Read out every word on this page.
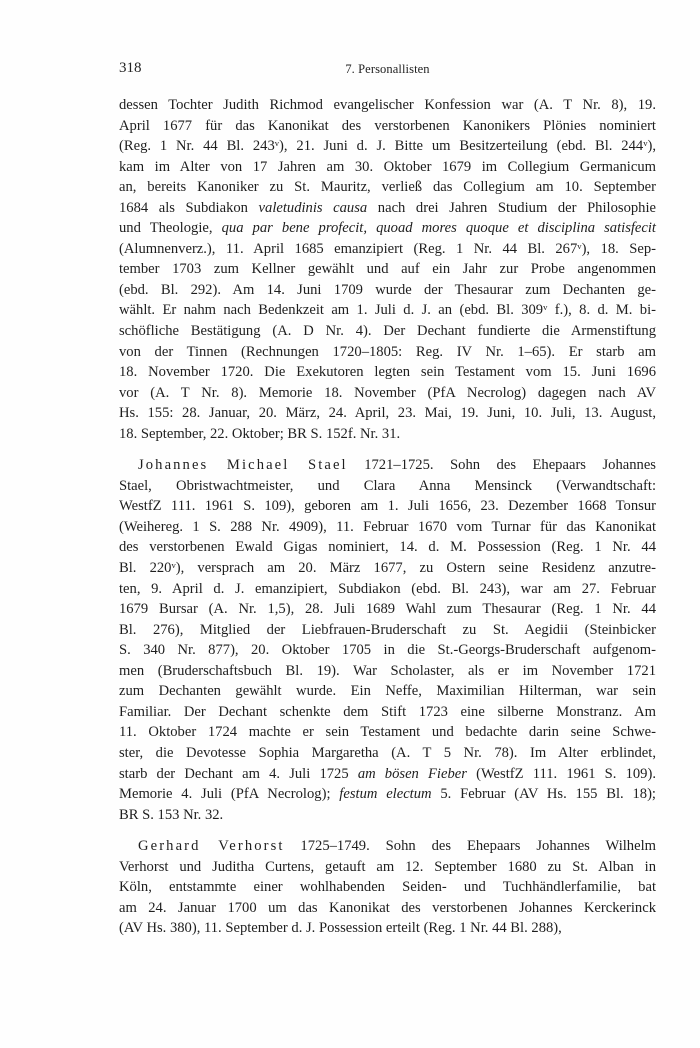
318	7. Personallisten
dessen Tochter Judith Richmod evangelischer Konfession war (A. T Nr. 8), 19.
April 1677 für das Kanonikat des verstorbenen Kanonikers Plönies nominiert
(Reg. 1 Nr. 44 Bl. 243ᵛ), 21. Juni d. J. Bitte um Besitzerteilung (ebd. Bl. 244ᵛ),
kam im Alter von 17 Jahren am 30. Oktober 1679 im Collegium Germanicum
an, bereits Kanoniker zu St. Mauritz, verließ das Collegium am 10. September
1684 als Subdiakon valetudinis causa nach drei Jahren Studium der Philosophie
und Theologie, qua par bene profecit, quoad mores quoque et disciplina satisfecit
(Alumnenverz.), 11. April 1685 emanzipiert (Reg. 1 Nr. 44 Bl. 267ᵛ), 18. Sep-
tember 1703 zum Kellner gewählt und auf ein Jahr zur Probe angenommen
(ebd. Bl. 292). Am 14. Juni 1709 wurde der Thesaurar zum Dechanten ge-
wählt. Er nahm nach Bedenkzeit am 1. Juli d. J. an (ebd. Bl. 309ᵛ f.), 8. d. M. bi-
schöfliche Bestätigung (A. D Nr. 4). Der Dechant fundierte die Armenstiftung
von der Tinnen (Rechnungen 1720–1805: Reg. IV Nr. 1–65). Er starb am
18. November 1720. Die Exekutoren legten sein Testament vom 15. Juni 1696
vor (A. T Nr. 8). Memorie 18. November (PfA Necrolog) dagegen nach AV
Hs. 155: 28. Januar, 20. März, 24. April, 23. Mai, 19. Juni, 10. Juli, 13. August,
18. September, 22. Oktober; BR S. 152f. Nr. 31.
Johannes Michael Stael 1721–1725. Sohn des Ehepaars Johannes
Stael, Obristwachtmeister, und Clara Anna Mensinck (Verwandtschaft:
WestfZ 111. 1961 S. 109), geboren am 1. Juli 1656, 23. Dezember 1668 Tonsur
(Weihereg. 1 S. 288 Nr. 4909), 11. Februar 1670 vom Turnar für das Kanonikat
des verstorbenen Ewald Gigas nominiert, 14. d. M. Possession (Reg. 1 Nr. 44
Bl. 220ᵛ), versprach am 20. März 1677, zu Ostern seine Residenz anzutre-
ten, 9. April d. J. emanzipiert, Subdiakon (ebd. Bl. 243), war am 27. Februar
1679 Bursar (A. Nr. 1,5), 28. Juli 1689 Wahl zum Thesaurar (Reg. 1 Nr. 44
Bl. 276), Mitglied der Liebfrauen-Bruderschaft zu St. Aegidii (Steinbicker
S. 340 Nr. 877), 20. Oktober 1705 in die St.-Georgs-Bruderschaft aufgenom-
men (Bruderschaftsbuch Bl. 19). War Scholaster, als er im November 1721
zum Dechanten gewählt wurde. Ein Neffe, Maximilian Hilterman, war sein
Familiar. Der Dechant schenkte dem Stift 1723 eine silberne Monstranz. Am
11. Oktober 1724 machte er sein Testament und bedachte darin seine Schwe-
ster, die Devotesse Sophia Margaretha (A. T 5 Nr. 78). Im Alter erblindet,
starb der Dechant am 4. Juli 1725 am bösen Fieber (WestfZ 111. 1961 S. 109).
Memorie 4. Juli (PfA Necrolog); festum electum 5. Februar (AV Hs. 155 Bl. 18);
BR S. 153 Nr. 32.
Gerhard Verhorst 1725–1749. Sohn des Ehepaars Johannes Wilhelm
Verhorst und Juditha Curtens, getauft am 12. September 1680 zu St. Alban in
Köln, entstammte einer wohlhabenden Seiden- und Tuchhändlerfamilie, bat
am 24. Januar 1700 um das Kanonikat des verstorbenen Johannes Kerckerinck
(AV Hs. 380), 11. September d. J. Possession erteilt (Reg. 1 Nr. 44 Bl. 288),
